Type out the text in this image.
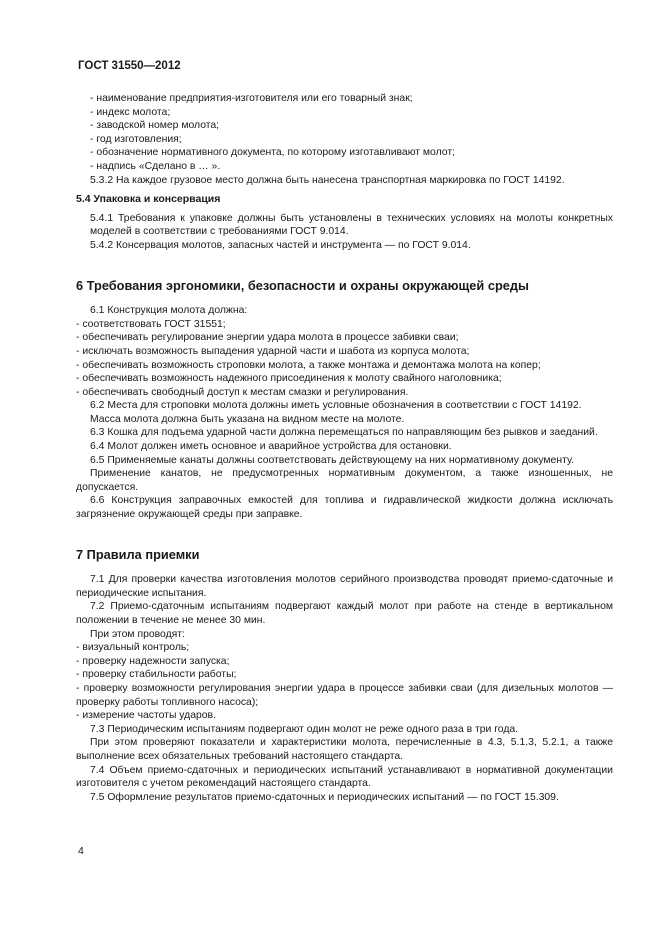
ГОСТ 31550—2012

- наименование предприятия-изготовителя или его товарный знак;

- индекс молота;

- заводской номер молота;

- год изготовления;

- обозначение нормативного документа, по которому изготавливают молот;

- надпись «Сделано в … ».

5.3.2 На каждое грузовое место должна быть нанесена транспортная маркировка по ГОСТ 14192.

5.4 Упаковка и консервация

5.4.1 Требования к упаковке должны быть установлены в технических условиях на молоты конкретных моделей в соответствии с требованиями ГОСТ 9.014.

5.4.2 Консервация молотов, запасных частей и инструмента — по ГОСТ 9.014.

6 Требования эргономики, безопасности и охраны окружающей среды

6.1 Конструкция молота должна:

- соответствовать ГОСТ 31551;

- обеспечивать регулирование энергии удара молота в процессе забивки сваи;

- исключать возможность выпадения ударной части и шабота из корпуса молота;

- обеспечивать возможность строповки молота, а также монтажа и демонтажа молота на копер;

- обеспечивать возможность надежного присоединения к молоту свайного наголовника;

- обеспечивать свободный доступ к местам смазки и регулирования.

6.2 Места для строповки молота должны иметь условные обозначения в соответствии с ГОСТ 14192.

Масса молота должна быть указана на видном месте на молоте.

6.3 Кошка для подъема ударной части должна перемещаться по направляющим без рывков и заеданий.

6.4 Молот должен иметь основное и аварийное устройства для остановки.

6.5 Применяемые канаты должны соответствовать действующему на них нормативному документу.

Применение канатов, не предусмотренных нормативным документом, а также изношенных, не допускается.

6.6 Конструкция заправочных емкостей для топлива и гидравлической жидкости должна исключать загрязнение окружающей среды при заправке.

7 Правила приемки

7.1 Для проверки качества изготовления молотов серийного производства проводят приемо-сдаточные и периодические испытания.

7.2 Приемо-сдаточным испытаниям подвергают каждый молот при работе на стенде в вертикальном положении в течение не менее 30 мин.

При этом проводят:

- визуальный контроль;

- проверку надежности запуска;

- проверку стабильности работы;

- проверку возможности регулирования энергии удара в процессе забивки сваи (для дизельных молотов — проверку работы топливного насоса);

- измерение частоты ударов.

7.3 Периодическим испытаниям подвергают один молот не реже одного раза в три года.

При этом проверяют показатели и характеристики молота, перечисленные в 4.3, 5.1.3, 5.2.1, а также выполнение всех обязательных требований настоящего стандарта.

7.4 Объем приемо-сдаточных и периодических испытаний устанавливают в нормативной документации изготовителя с учетом рекомендаций настоящего стандарта.

7.5 Оформление результатов приемо-сдаточных и периодических испытаний — по ГОСТ 15.309.

4
